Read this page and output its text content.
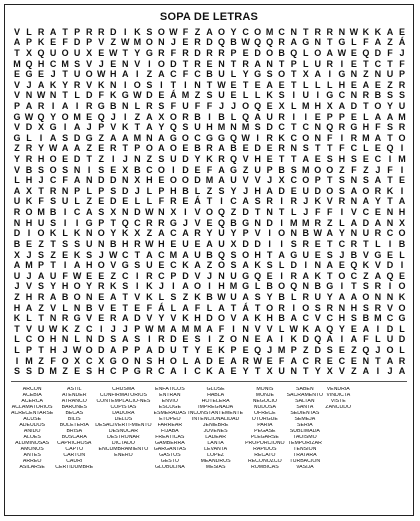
SOPA DE LETRAS
V L R A T P R R D I K S O W F Z A O Y C O M C N T R R N W K K A E
A P K E F D P V Z W M O N J E R D Q B W Q Q R A G N T G L F A Z Á
T X Q U O U X E W T Y G R F R D R R P E D O B Q L O A W E Q D F J
M Q H C M S V J E N V I O D T R E N T R A N T P L U R I E T C T F
E G E J T U O W H A I Z A C F C B U L Y G S O T X A I G N Z N U P
V J A K Y R V K N I O S I T I N T W E T E A E T L L L H E A E Z R
V N W N T L D F K G W D E Á M Z S U E L L K S I U I G C N R B S S
P A R I A I R G B N L R S F U F F J J O Q E X L M H X A D T O Y U
G W Q Y O M E Q J I Z A X O R B I B L Q A U R I	I E P P E L A A M
V D X G I A J P V K T A Y Q S U H M N M S D C T C N Q R G H F S R
G L I A S D G Z A A M N A G O C G G Q W I R K C O N F I R M A T O
Z R Y W A A Z E R T P O A O E B R A B E D E R N S T T F C L E Q I
Y R H O E D T Z I J N Z S U D Y K R Q V H E T T A E S H S E C I M
V B S O S N I S E X B C O I D E F A G Z U P B S M O O Z F Z J F I
L H J C F A N D D N X H E O O D M A U V V J X C O P T S N S A T E
A X T R N P L P S D J L P H B L Z S Y J H A D E U D O S A O R K I
U K F S U L Z E D E L L F R E Á T I C A S R I R J K V R N A Y T A
R O M B I C A S X N D W N X I V O Q Z D T N T L J F F I V C E N H
N H U S I	I G P T Q C R R G J V E Q B G N D I M M R Z L A D A N X
D I O K L K N O Y K X Z A C A R Y U Y P V I O N B W A Y N U R C O
B E Z T S S U N B H R W H E U E A U X D D I	I S R E T C R T L I B
X J S Z E K S J W C T A C M A U B Q S O H T A G U E S J B V G E L
A M P T I A H O V G S U E C K A Z O S A K S L D I N A E Q K V D I
U J A U F W E E Z C I R C P D V J N U G Q E I R A K T O C Z A Q E
J V S Y H O Y R K S I K J I A O I H M G L B O Q N B G I T S R I O
Z H R A B O N E A T V K L S Z K B W U A S Y B L R U Y A A O N N K
H A Z V L N B V E T E F Á L A F L A T Á T O R I O S R N H S R V O
K L T N R G V E R A D V Y V K H D O V A K H B A C V C H S B M C G
T V U W K Z C I J J P W M A M M A F I N V V L W K A Q Y E A I D L
L C O H N L N D S A S I R D E S I Z O N E A I K D Q A I A F L U D
L P T H J W O D A P P A D U T Y E K P E Q J M P Z D S E Z Q J O L
I M Z F O X C X G O N S H O L A D E A R W E F A C R E C E N T A R
S S D M Z E S H C P G R C A I C K A E Y T X U N T Y X V Z A I J A
ARCÓN
ACEBIA
ACERCA
ACLAMATORIOS
ACRECENTARSE
ACUSE
ADEUDOS
AÑIDO
ÁLOES
ALUMINOSAS
AMONOS
ANTES
ARREO
ASILARSE
ASTIL
ATENDER
ATRANCO
BARONES
BECAS
BILIS
BOLETERÍA
BRISA
BUSCARA
CAPRICHOSA
CAPTO
CARTÓN
CAURI
CERTIDUMBRE
CHUSMA
CONFIRMATORIOS
CONTEMPLACIO-NES
COPISTAS
DADORA
DÉLOS
DESACIVERTI-MIENTO
DESNUCAR
DESTRONAR
DICTADO
ENCUMBRAMIENTO
ENERO
ENFÁTICOS
ENTRAN
ENVÍO
ESCOGE
ESMERADAS
ETOPEO
FARREAR
FIJABA
FREÁTICAS
GAMBERRA
GARGANTAS
GASTOS
GESTO
GLOBULINA
GLOSE
HABLA
HOTELERA
IMPREGNADA
INCONSTANTEMENTE
INTENCIONALIDAD
JENIEBRE
JUVENES
LADEAR
LANTA
LEVANTA
LÓPEZ
MEANDROS
MESIAS
MONIS
MONJE
NEGOCIO
NUDOSA
OFRECE
OTORGUE
PARIA
PEGASE
PLEGARSE
PROPORCIONO
RÁPIDOS
RECATO
RECONOZCO
RÓMBICAS
SABEN
SACRAMENTO
SALTAN
SANTA
SEDIENTAS
SEMEJA
SERIA
SUBLIMADA
TAOÍSMO
TEMPORIZAR
TENSIÓN
TRATARÁ
TURBACIÓN
VASIJA
VENDRÍA
VINDICTA
VISTE
ZANCUDO
